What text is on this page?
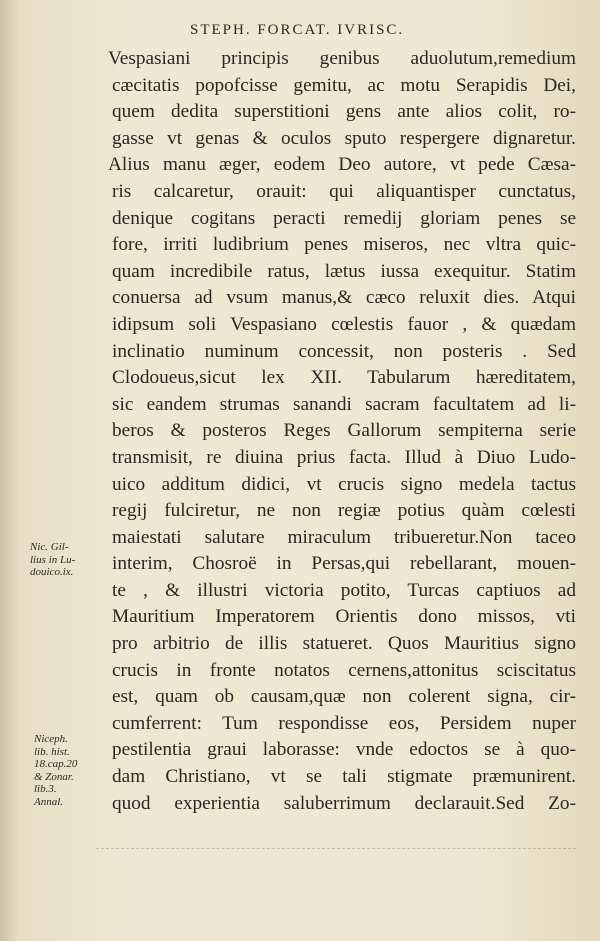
STEPH. FORCAT. IVRISC.
Vespasiani principis genibus aduolutum,remedium
cæcitatis popofcisse gemitu, ac motu Serapidis Dei,
quem dedita superstitioni gens ante alios colit, ro-
gasse vt genas & oculos sputo respergere dignaretur.
Alius manu æger, eodem Deo autore, vt pede Cæsa-
ris calcaretur, orauit: qui aliquantisper cunctatus,
denique cogitans peracti remedij gloriam penes se
fore, irriti ludibrium penes miseros, nec vltra quic-
quam incredibile ratus, lætus iussa exequitur. Statim
conuersa ad vsum manus,& cæco reluxit dies. Atqui
idipsum soli Vespasiano cœlestis fauor , & quædam
inclinatio numinum concessit, non posteris . Sed
Clodoueus,sicut lex XII. Tabularum hæreditatem,
sic eandem strumas sanandi sacram facultatem ad li-
beros & posteros Reges Gallorum sempiterna serie
transmisit, re diuina prius facta. Illud à Diuo Ludo-
uico additum didici, vt crucis signo medela tactus
regij fulciretur, ne non regiæ potius quàm cœlesti
maiestati salutare miraculum tribueretur.Non taceo
interim, Chosroë in Persas,qui rebellarant, mouen-
te , & illustri victoria potito, Turcas captiuos ad
Mauritium Imperatorem Orientis dono missos, vti
pro arbitrio de illis statueret. Quos Mauritius signo
crucis in fronte notatos cernens,attonitus sciscitatus
est, quam ob causam,quæ non colerent signa, cir-
cumferrent: Tum respondisse eos, Persidem nuper
pestilentia graui laborasse: vnde edoctos se à quo-
dam Christiano, vt se tali stigmate præmunirent.
quod experientia saluberrimum declarauit.Sed Zo-
Nic. Gil-
lius in Lu-
douico.ix.
Niceph.
lib. hist.
18.cap.20
& Zonar.
lib.3.
Annal.
